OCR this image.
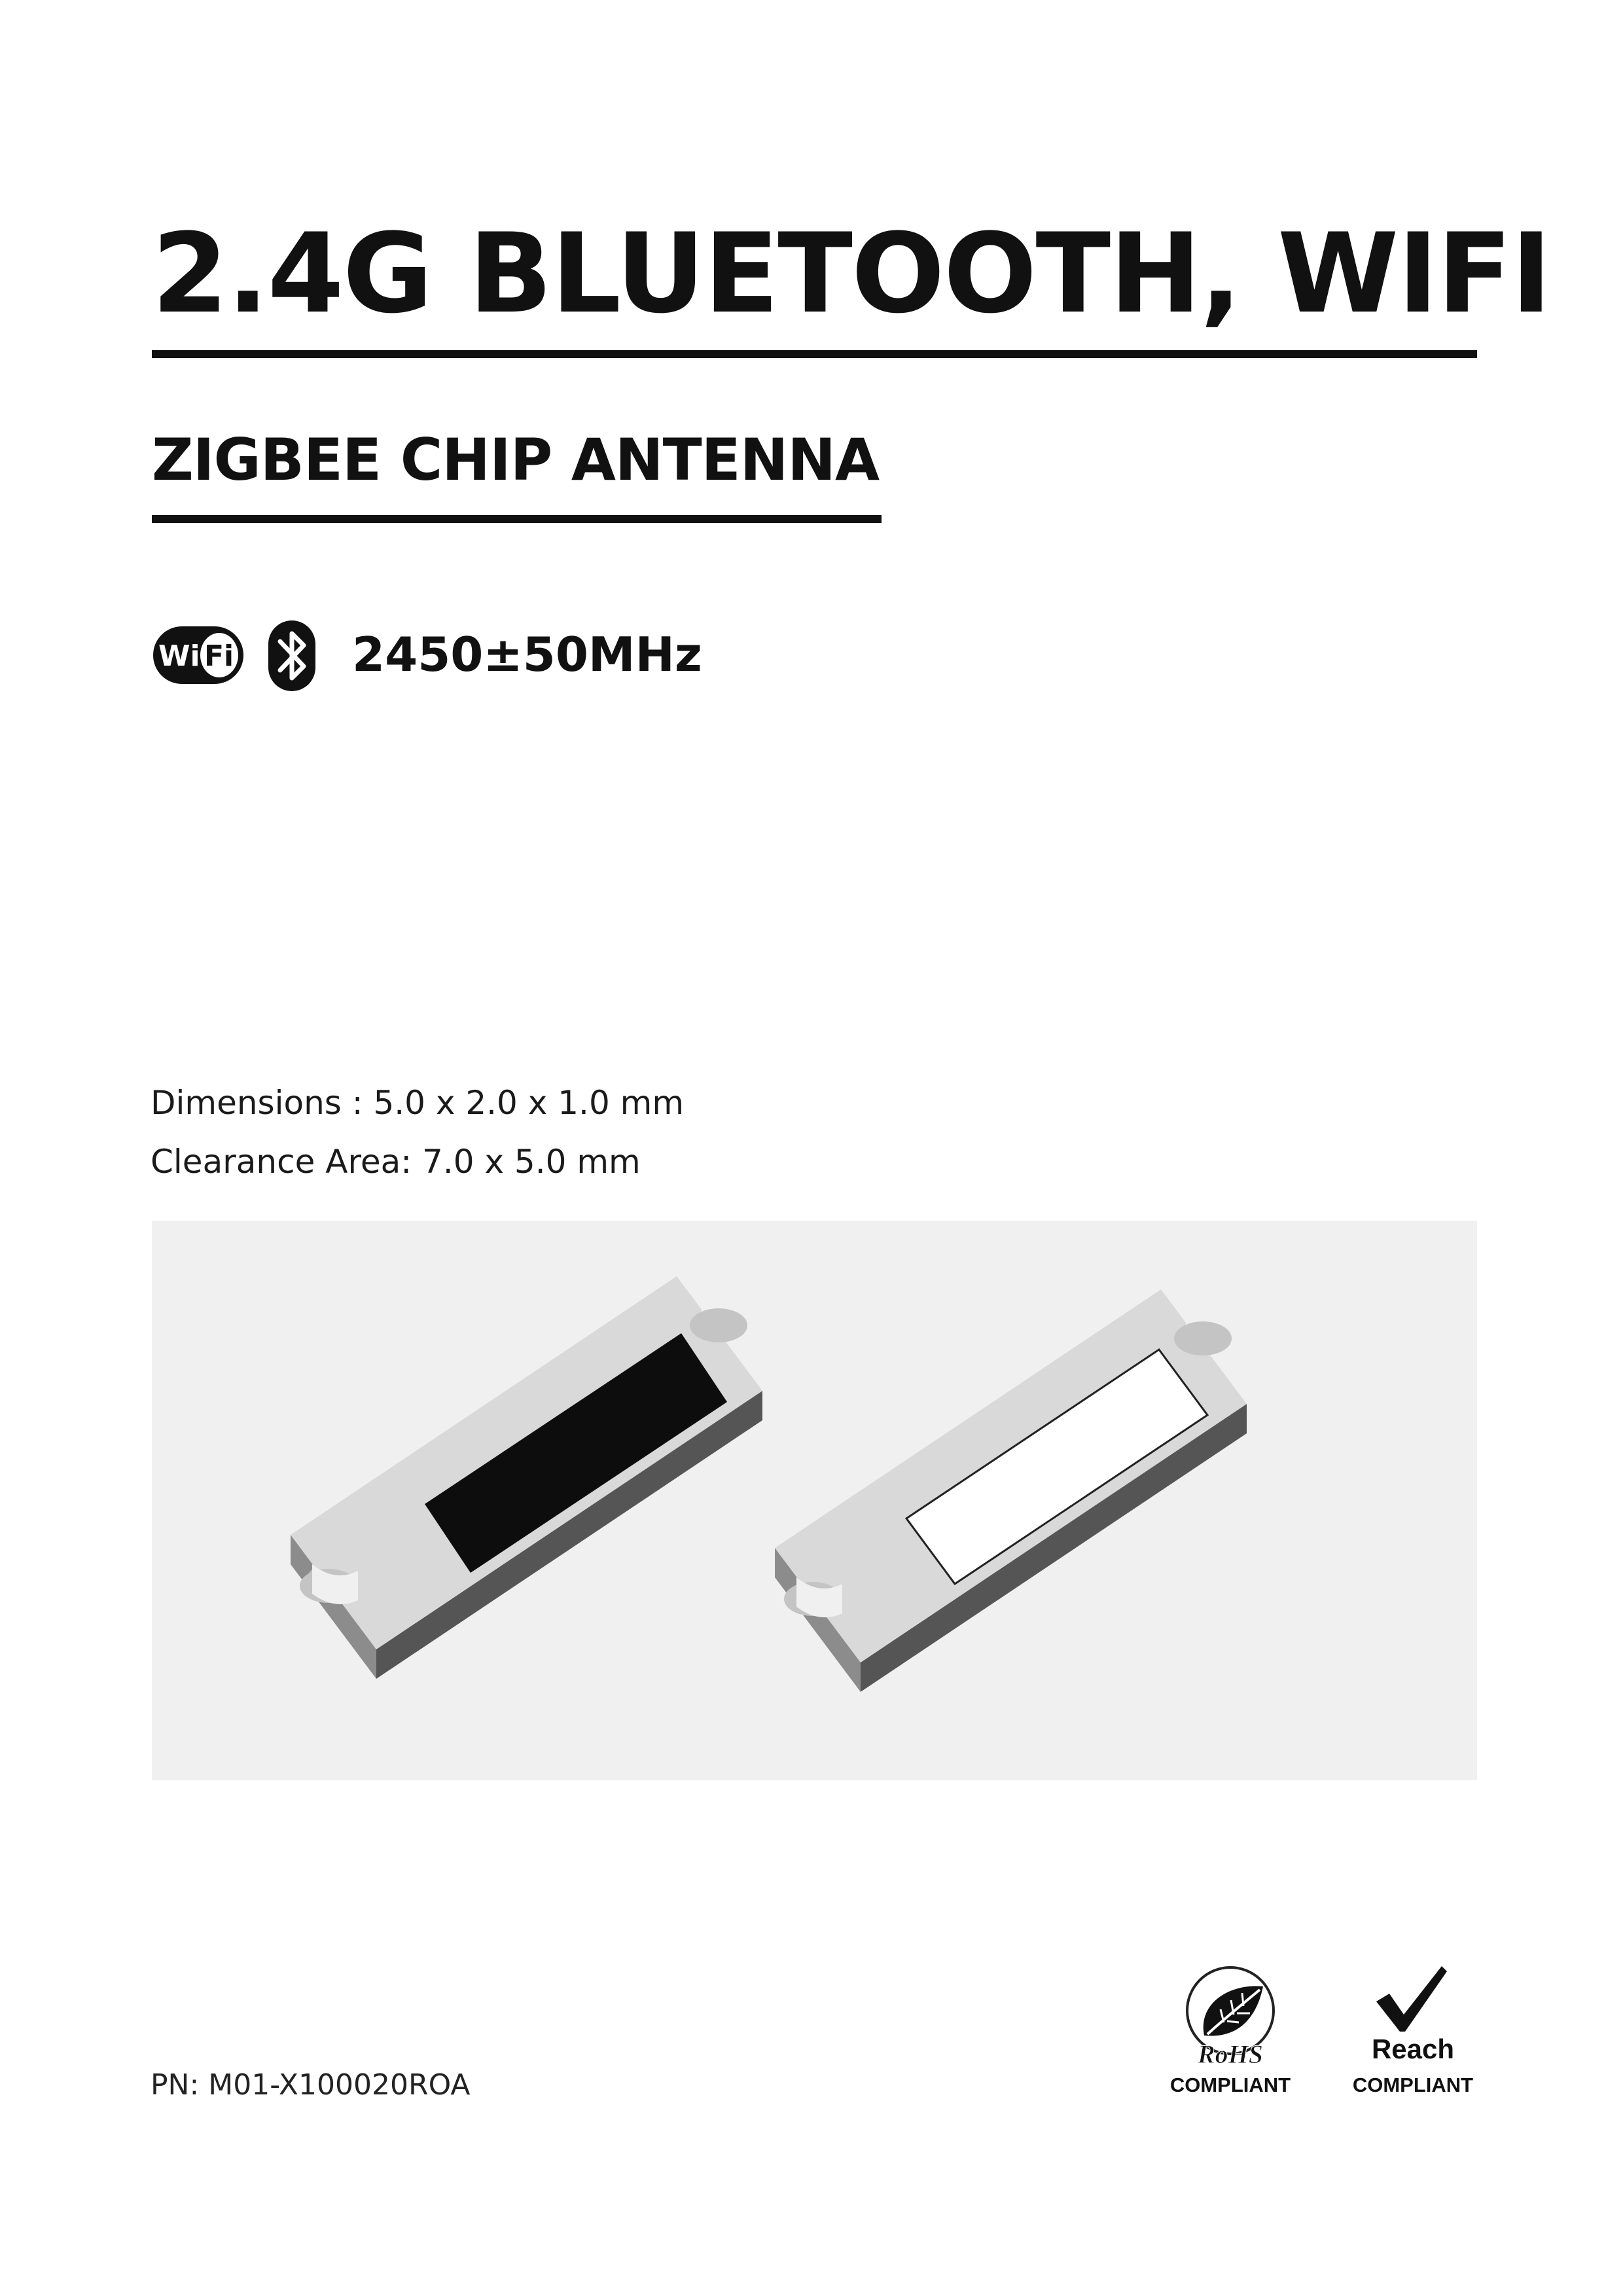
2.4G BLUETOOTH, WIFI
ZIGBEE CHIP ANTENNA
Wi Fi	2450±50MHz
Dimensions : 5.0 x 2.0 x 1.0 mm
Clearance Area: 7.0 x 5.0 mm
PN: M01-X100020ROA
RoHS
COMPLIANT
Reach
COMPLIANT
